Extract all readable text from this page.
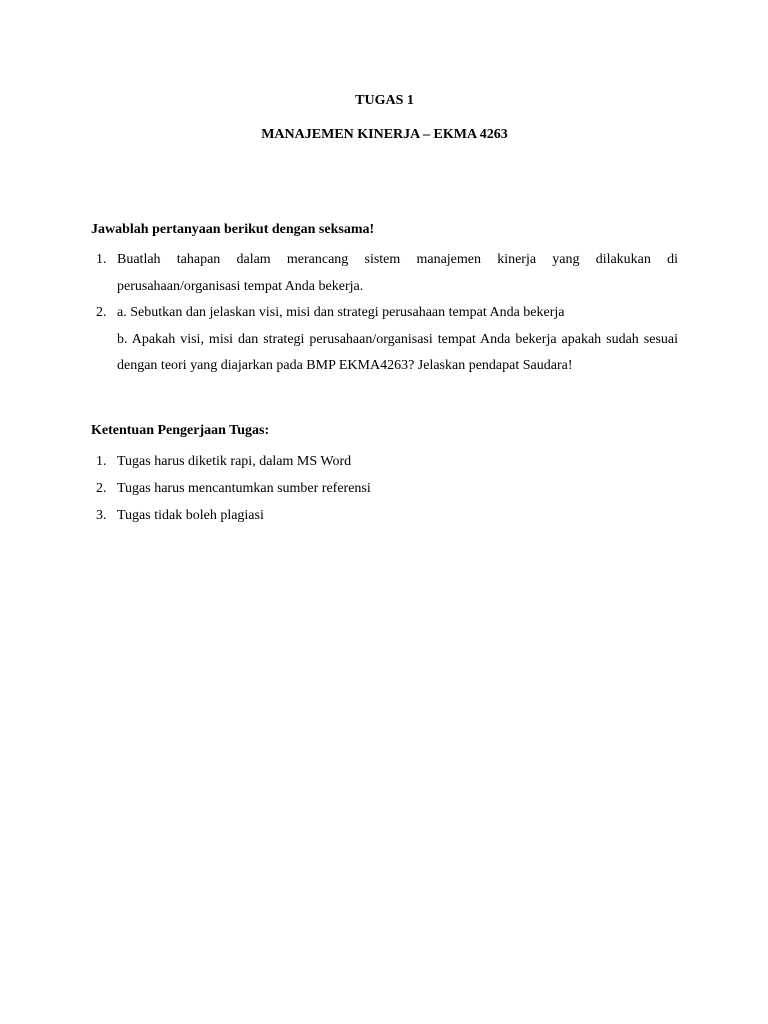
TUGAS 1

MANAJEMEN KINERJA – EKMA 4263

Jawablah pertanyaan berikut dengan seksama!

1. Buatlah tahapan dalam merancang sistem manajemen kinerja yang dilakukan di perusahaan/organisasi tempat Anda bekerja.
2. a. Sebutkan dan jelaskan visi, misi dan strategi perusahaan tempat Anda bekerja
b. Apakah visi, misi dan strategi perusahaan/organisasi tempat Anda bekerja apakah sudah sesuai dengan teori yang diajarkan pada BMP EKMA4263? Jelaskan pendapat Saudara!

Ketentuan Pengerjaan Tugas:

1. Tugas harus diketik rapi, dalam MS Word
2. Tugas harus mencantumkan sumber referensi
3. Tugas tidak boleh plagiasi
